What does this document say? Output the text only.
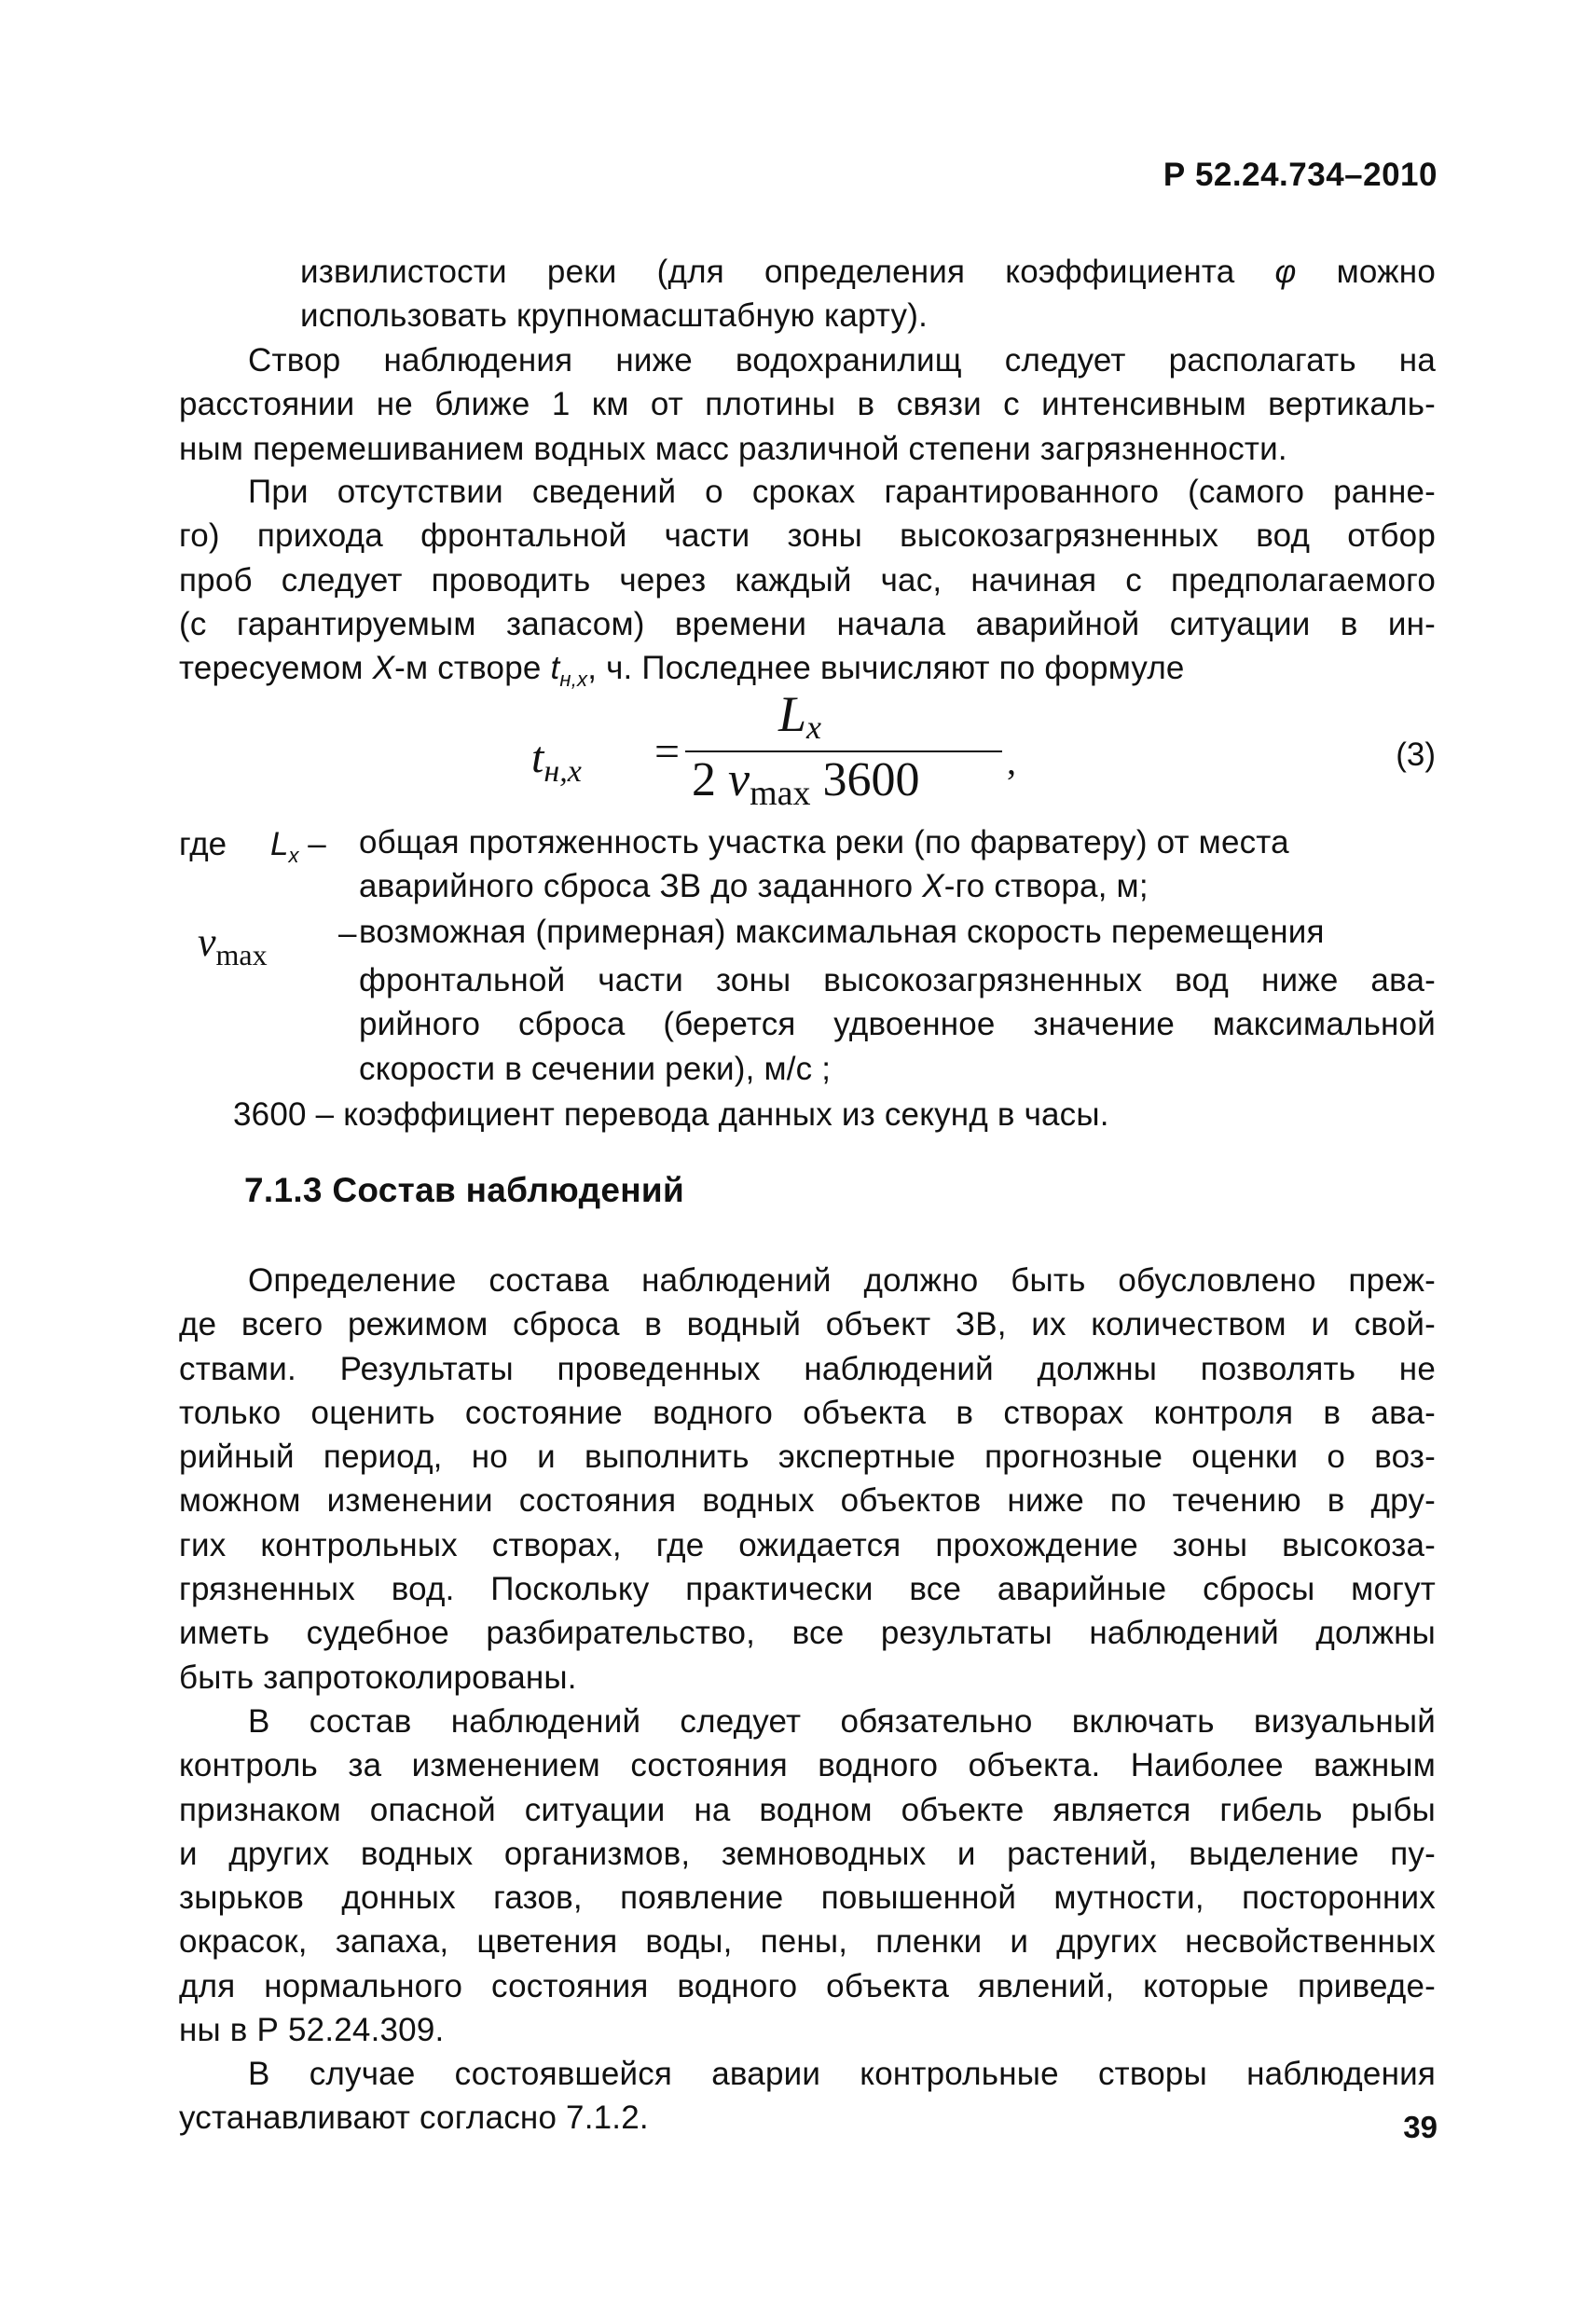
Р 52.24.734–2010
извилистости реки (для определения коэффициента φ можно
использовать крупномасштабную карту).
Створ наблюдения ниже водохранилищ следует располагать на
расстоянии не ближе 1 км от плотины в связи с интенсивным вертикаль-
ным перемешиванием водных масс различной степени загрязненности.
При отсутствии сведений о сроках гарантированного (самого ранне-
го) прихода фронтальной части зоны высокозагрязненных вод отбор
проб следует проводить через каждый час, начиная с предполагаемого
(с гарантируемым запасом) времени начала аварийной ситуации в ин-
тересуемом X-м створе $t_{н,x}$, ч. Последнее вычисляют по формуле
$t_{н,x}$ =
$L_x$
2 $v_{max}$ 3600 ,	(3)
где $L_x$ – общая протяженность участка реки (по фарватеру) от места
аварийного сброса ЗВ до заданного X-го створа, м;
$v_{max}$
– возможная (примерная) максимальная скорость перемещения
фронтальной части зоны высокозагрязненных вод ниже ава-
рийного сброса (берется удвоенное значение максимальной
скорости в сечении реки), м/с ;
3600 – коэффициент перевода данных из секунд в часы.
7.1.3 Состав наблюдений
Определение состава наблюдений должно быть обусловлено преж-
де всего режимом сброса в водный объект ЗВ, их количеством и свой-
ствами. Результаты проведенных наблюдений должны позволять не
только оценить состояние водного объекта в створах контроля в ава-
рийный период, но и выполнить экспертные прогнозные оценки о воз-
можном изменении состояния водных объектов ниже по течению в дру-
гих контрольных створах, где ожидается прохождение зоны высокоза-
грязненных вод. Поскольку практически все аварийные сбросы могут
иметь судебное разбирательство, все результаты наблюдений должны
быть запротоколированы.
В состав наблюдений следует обязательно включать визуальный
контроль за изменением состояния водного объекта. Наиболее важным
признаком опасной ситуации на водном объекте является гибель рыбы
и других водных организмов, земноводных и растений, выделение пу-
зырьков донных газов, появление повышенной мутности, посторонних
окрасок, запаха, цветения воды, пены, пленки и других несвойственных
для нормального состояния водного объекта явлений, которые приведе-
ны в Р 52.24.309.
В случае состоявшейся аварии контрольные створы наблюдения
устанавливают согласно 7.1.2.	39
